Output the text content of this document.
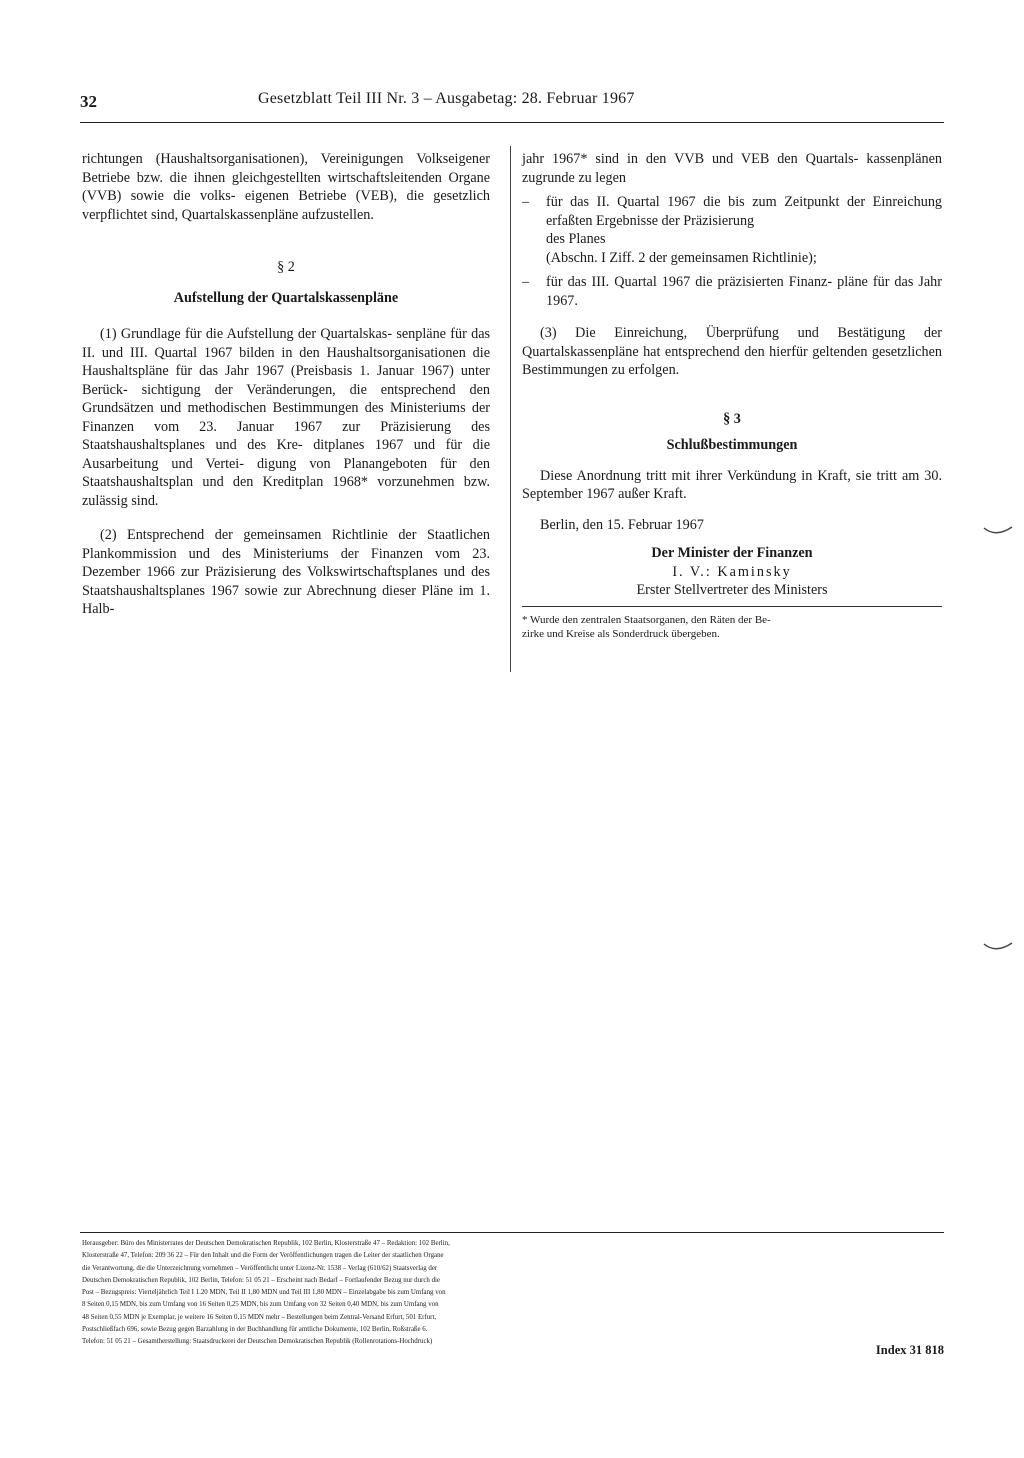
32	Gesetzblatt Teil III Nr. 3 – Ausgabetag: 28. Februar 1967

richtungen (Haushaltsorganisationen), Vereinigungen Volkseigener Betriebe bzw. die ihnen gleichgestellten wirtschaftsleitenden Organe (VVB) sowie die volks- eigenen Betriebe (VEB), die gesetzlich verpflichtet sind, Quartalskassenpläne aufzustellen.

§ 2

Aufstellung der Quartalskassenpläne

(1) Grundlage für die Aufstellung der Quartalskas- senpläne für das II. und III. Quartal 1967 bilden in den Haushaltsorganisationen die Haushaltspläne für das Jahr 1967 (Preisbasis 1. Januar 1967) unter Berück- sichtigung der Veränderungen, die entsprechend den Grundsätzen und methodischen Bestimmungen des Ministeriums der Finanzen vom 23. Januar 1967 zur Präzisierung des Staatshaushaltsplanes und des Kre- ditplanes 1967 und für die Ausarbeitung und Vertei- digung von Planangeboten für den Staatshaushaltsplan und den Kreditplan 1968* vorzunehmen bzw. zulässig sind.

(2) Entsprechend der gemeinsamen Richtlinie der Staatlichen Plankommission und des Ministeriums der Finanzen vom 23. Dezember 1966 zur Präzisierung des Volkswirtschaftsplanes und des Staatshaushaltsplanes 1967 sowie zur Abrechnung dieser Pläne im 1. Halb-

jahr 1967* sind in den VVB und VEB den Quartals- kassenplänen zugrunde zu legen

– für das II. Quartal 1967 die bis zum Zeitpunkt der Einreichung erfaßten Ergebnisse der Präzisierung
des Planes
(Abschn. I Ziff. 2 der gemeinsamen Richtlinie);

– für das III. Quartal 1967 die präzisierten Finanz- pläne für das Jahr 1967.

(3) Die Einreichung, Überprüfung und Bestätigung der Quartalskassenpläne hat entsprechend den hierfür geltenden gesetzlichen Bestimmungen zu erfolgen.

§ 3

Schlußbestimmungen

Diese Anordnung tritt mit ihrer Verkündung in Kraft, sie tritt am 30. September 1967 außer Kraft.

Berlin, den 15. Februar 1967

Der Minister der Finanzen

I. V.: Kaminsky

Erster Stellvertreter des Ministers

* Wurde den zentralen Staatsorganen, den Räten der Be-
zirke und Kreise als Sonderdruck übergeben.

Herausgeber: Büro des Ministerrates der Deutschen Demokratischen Republik, 102 Berlin, Klosterstraße 47 – Redaktion: 102 Berlin,

Klosterstraße 47, Telefon: 209 36 22 – Für den Inhalt und die Form der Veröffentlichungen tragen die Leiter der staatlichen Organe

die Verantwortung, die die Unterzeichnung vornehmen – Veröffentlicht unter Lizenz-Nr. 1538 – Verlag (610/62) Staatsverlag der

Deutschen Demokratischen Republik, 102 Berlin, Telefon: 51 05 21 – Erscheint nach Bedarf – Fortlaufender Bezug nur durch die

Post – Bezugspreis: Vierteljährlich Teil I 1.20 MDN, Teil II 1,80 MDN und Teil III 1,80 MDN – Einzelabgabe bis zum Umfang von

8 Seiten 0,15 MDN, bis zum Umfang von 16 Seiten 0,25 MDN, bis zum Umfang von 32 Seiten 0,40 MDN, bis zum Umfang von

48 Seiten 0,55 MDN je Exemplar, je weitere 16 Seiten 0,15 MDN mehr – Bestellungen beim Zentral-Versand Erfurt, 501 Erfurt,

Postschließfach 696, sowie Bezug gegen Barzahlung in der Buchhandlung für amtliche Dokumente, 102 Berlin, Roßstraße 6.

Telefon: 51 05 21 – Gesamtherstellung: Staatsdruckerei der Deutschen Demokratischen Republik (Rollenrotations-Hochdruck)

Index 31 818
